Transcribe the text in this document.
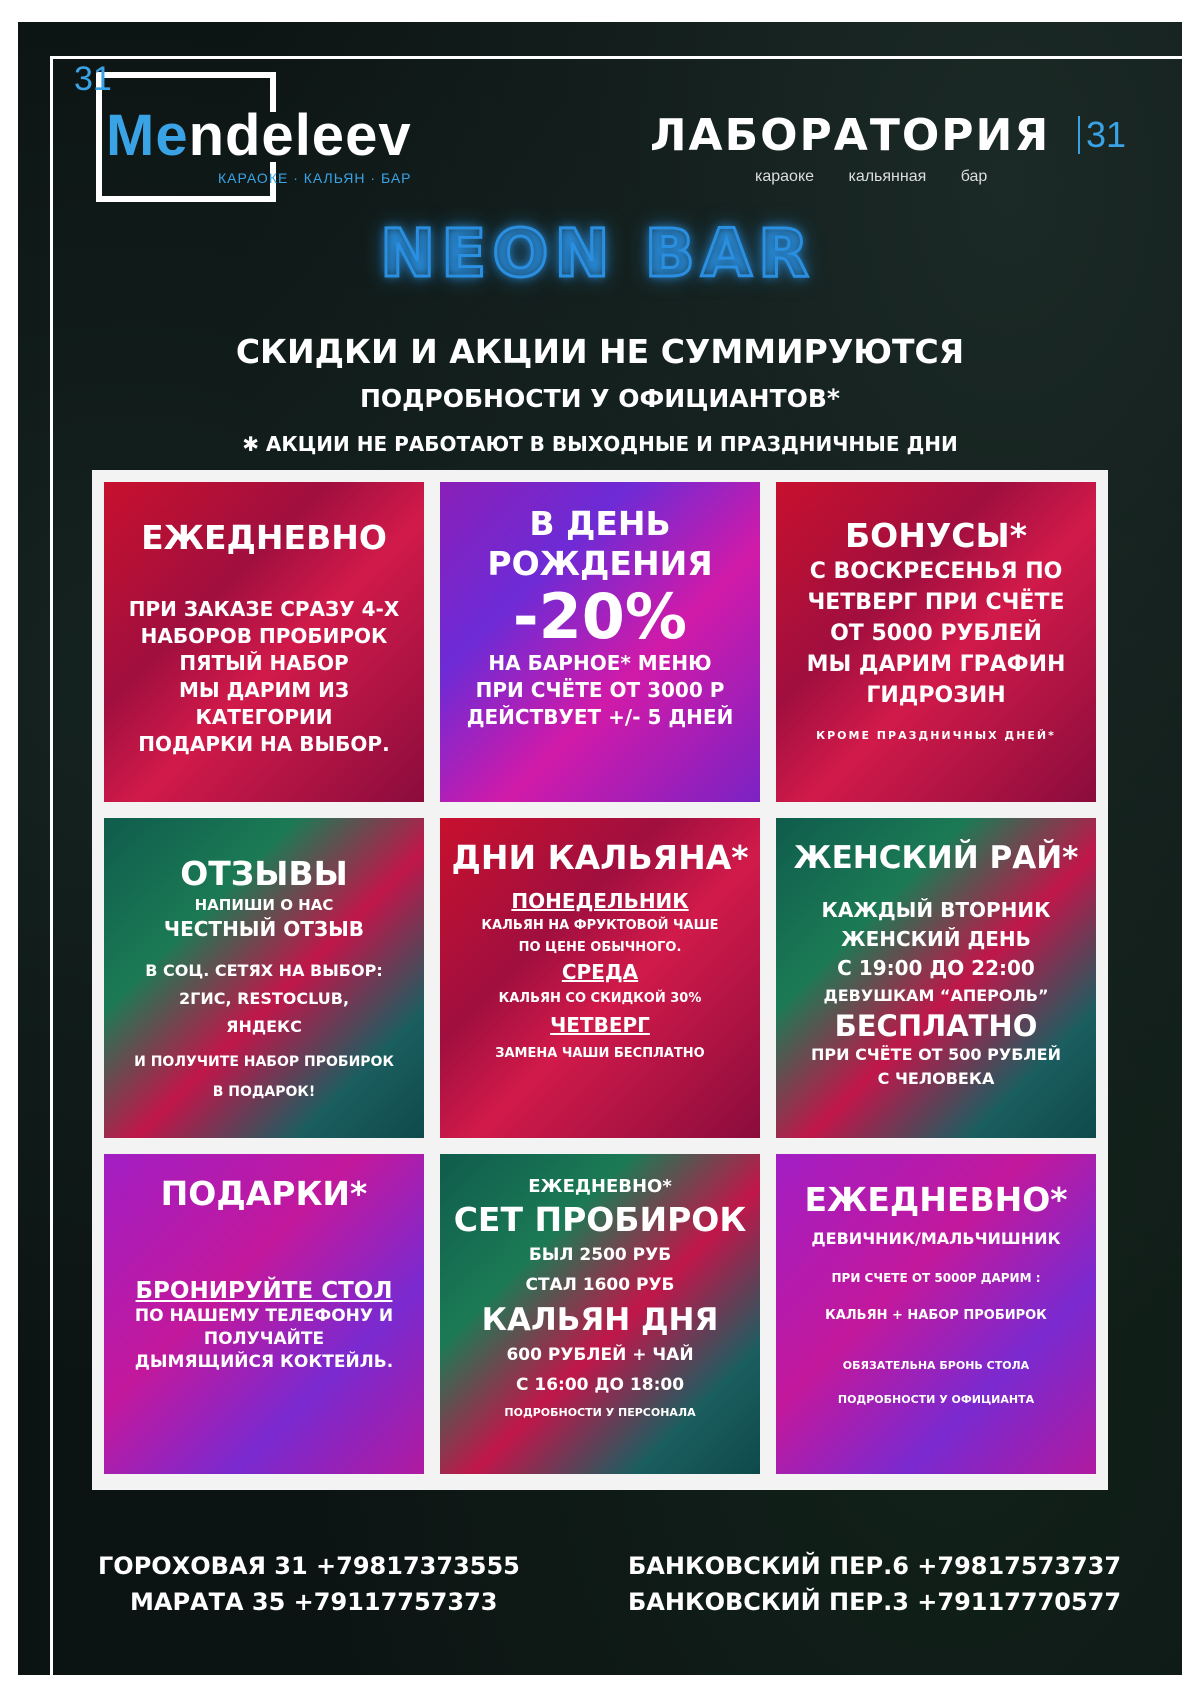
31
Mendeleev
КАРАОКЕ · КАЛЬЯН · БАР
ЛАБОРАТОРИЯ 31
караоке кальянная бар
NEON BAR
СКИДКИ И АКЦИИ НЕ СУММИРУЮТСЯ
ПОДРОБНОСТИ У ОФИЦИАНТОВ*
✱ АКЦИИ НЕ РАБОТАЮТ В ВЫХОДНЫЕ И ПРАЗДНИЧНЫЕ ДНИ
ЕЖЕДНЕВНО
ПРИ ЗАКАЗЕ СРАЗУ 4-Х
НАБОРОВ ПРОБИРОК
ПЯТЫЙ НАБОР
МЫ ДАРИМ ИЗ КАТЕГОРИИ
ПОДАРКИ НА ВЫБОР.
В ДЕНЬ
РОЖДЕНИЯ
-20%
НА БАРНОЕ* МЕНЮ
ПРИ СЧЁТЕ ОТ 3000 Р
ДЕЙСТВУЕТ +/- 5 ДНЕЙ
БОНУСЫ*
С ВОСКРЕСЕНЬЯ ПО
ЧЕТВЕРГ ПРИ СЧЁТЕ
ОТ 5000 РУБЛЕЙ
МЫ ДАРИМ ГРАФИН
ГИДРОЗИН
КРОМЕ ПРАЗДНИЧНЫХ ДНЕЙ*
ОТЗЫВЫ
НАПИШИ О НАС
ЧЕСТНЫЙ ОТЗЫВ
В СОЦ. СЕТЯХ НА ВЫБОР:
2ГИС, RESTOCLUB,
ЯНДЕКС
И ПОЛУЧИТЕ НАБОР ПРОБИРОК
В ПОДАРОК!
ДНИ КАЛЬЯНА*
ПОНЕДЕЛЬНИК
КАЛЬЯН НА ФРУКТОВОЙ ЧАШЕ
ПО ЦЕНЕ ОБЫЧНОГО.
СРЕДА
КАЛЬЯН СО СКИДКОЙ 30%
ЧЕТВЕРГ
ЗАМЕНА ЧАШИ БЕСПЛАТНО
ЖЕНСКИЙ РАЙ*
КАЖДЫЙ ВТОРНИК
ЖЕНСКИЙ ДЕНЬ
С 19:00 ДО 22:00
ДЕВУШКАМ “АПЕРОЛЬ”
БЕСПЛАТНО
ПРИ СЧЁТЕ ОТ 500 РУБЛЕЙ
С ЧЕЛОВЕКА
ПОДАРКИ*
БРОНИРУЙТЕ СТОЛ
ПО НАШЕМУ ТЕЛЕФОНУ И
ПОЛУЧАЙТЕ
ДЫМЯЩИЙСЯ КОКТЕЙЛЬ.
ЕЖЕДНЕВНО*
СЕТ ПРОБИРОК
БЫЛ 2500 РУБ
СТАЛ 1600 РУБ
КАЛЬЯН ДНЯ
600 РУБЛЕЙ + ЧАЙ
С 16:00 ДО 18:00
ПОДРОБНОСТИ У ПЕРСОНАЛА
ЕЖЕДНЕВНО*
ДЕВИЧНИК/МАЛЬЧИШНИК
ПРИ СЧЕТЕ ОТ 5000Р ДАРИМ :
КАЛЬЯН + НАБОР ПРОБИРОК
ОБЯЗАТЕЛЬНА БРОНЬ СТОЛА
ПОДРОБНОСТИ У ОФИЦИАНТА
ГОРОХОВАЯ 31 +79817373555
МАРАТА 35 +79117757373
БАНКОВСКИЙ ПЕР.6 +79817573737
БАНКОВСКИЙ ПЕР.3 +79117770577
